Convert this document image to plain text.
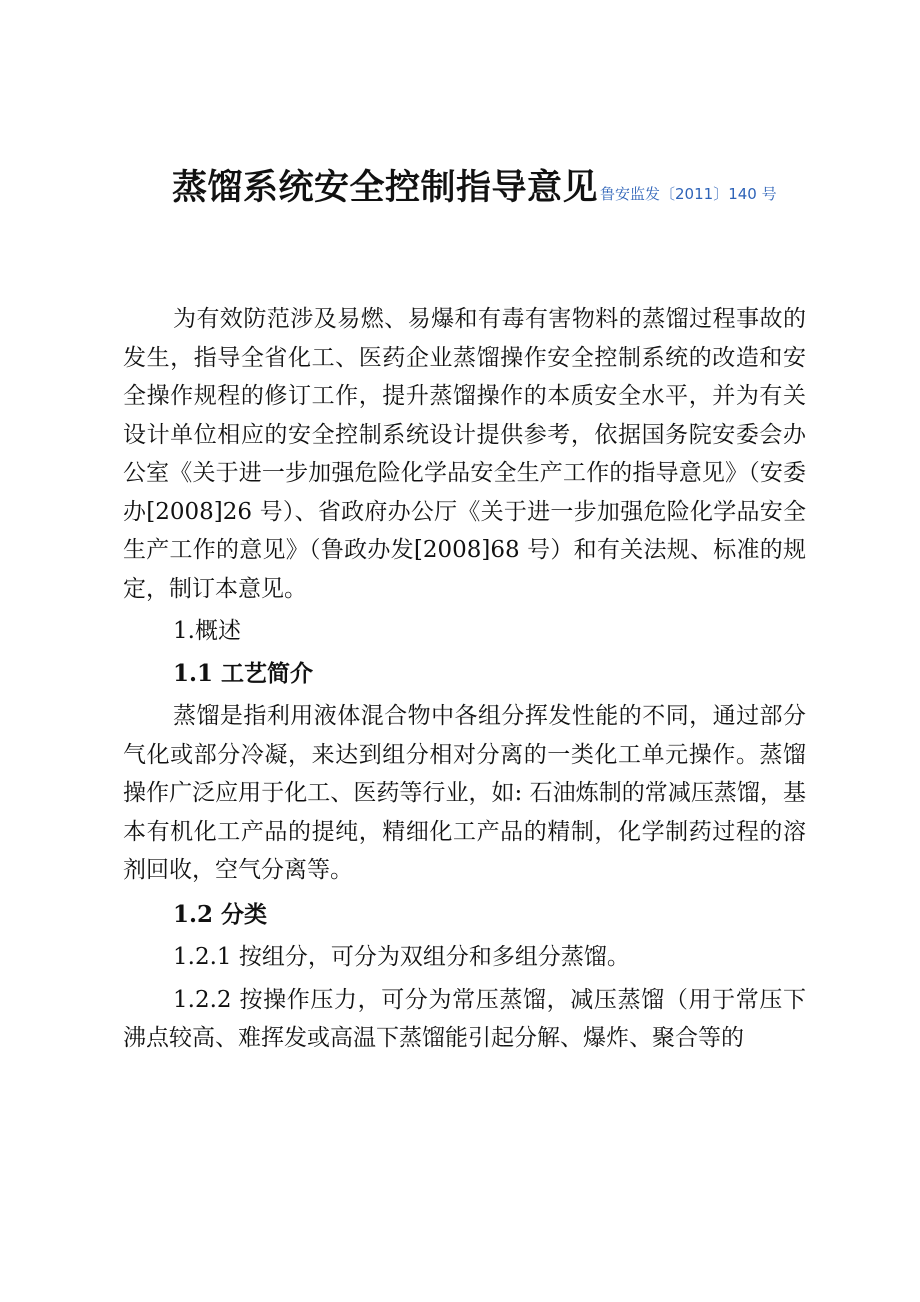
蒸馏系统安全控制指导意见 鲁安监发〔2011〕140 号

为有效防范涉及易燃、易爆和有毒有害物料的蒸馏过程事故的发生，指导全省化工、医药企业蒸馏操作安全控制系统的改造和安全操作规程的修订工作，提升蒸馏操作的本质安全水平，并为有关设计单位相应的安全控制系统设计提供参考，依据国务院安委会办公室《关于进一步加强危险化学品安全生产工作的指导意见》（安委办[2008]26 号）、省政府办公厅《关于进一步加强危险化学品安全生产工作的意见》（鲁政办发[2008]68 号）和有关法规、标准的规定，制订本意见。

1.概述

1.1 工艺简介

蒸馏是指利用液体混合物中各组分挥发性能的不同，通过部分气化或部分冷凝，来达到组分相对分离的一类化工单元操作。蒸馏操作广泛应用于化工、医药等行业，如: 石油炼制的常减压蒸馏，基本有机化工产品的提纯，精细化工产品的精制，化学制药过程的溶剂回收，空气分离等。

1.2 分类

1.2.1 按组分，可分为双组分和多组分蒸馏。

1.2.2 按操作压力，可分为常压蒸馏，减压蒸馏（用于常压下沸点较高、难挥发或高温下蒸馏能引起分解、爆炸、聚合等的
